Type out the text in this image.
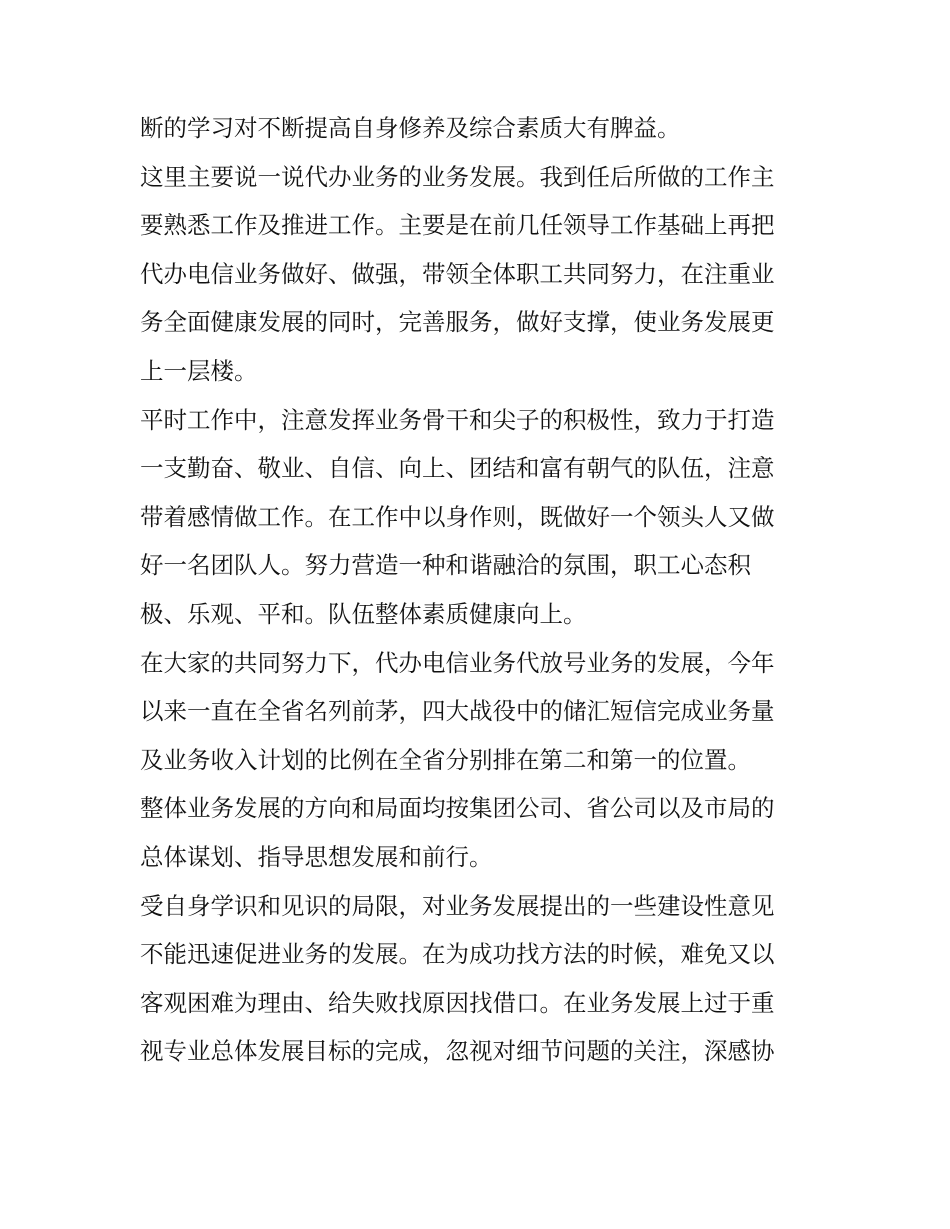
断的学习对不断提高自身修养及综合素质大有脾益。
这里主要说一说代办业务的业务发展。我到任后所做的工作主
要熟悉工作及推进工作。主要是在前几任领导工作基础上再把
代办电信业务做好、做强，带领全体职工共同努力，在注重业
务全面健康发展的同时，完善服务，做好支撑，使业务发展更
上一层楼。
平时工作中，注意发挥业务骨干和尖子的积极性，致力于打造
一支勤奋、敬业、自信、向上、团结和富有朝气的队伍，注意
带着感情做工作。在工作中以身作则，既做好一个领头人又做
好一名团队人。努力营造一种和谐融洽的氛围，职工心态积
极、乐观、平和。队伍整体素质健康向上。
在大家的共同努力下，代办电信业务代放号业务的发展，今年
以来一直在全省名列前茅，四大战役中的储汇短信完成业务量
及业务收入计划的比例在全省分别排在第二和第一的位置。
整体业务发展的方向和局面均按集团公司、省公司以及市局的
总体谋划、指导思想发展和前行。
受自身学识和见识的局限，对业务发展提出的一些建设性意见
不能迅速促进业务的发展。在为成功找方法的时候，难免又以
客观困难为理由、给失败找原因找借口。在业务发展上过于重
视专业总体发展目标的完成，忽视对细节问题的关注，深感协
